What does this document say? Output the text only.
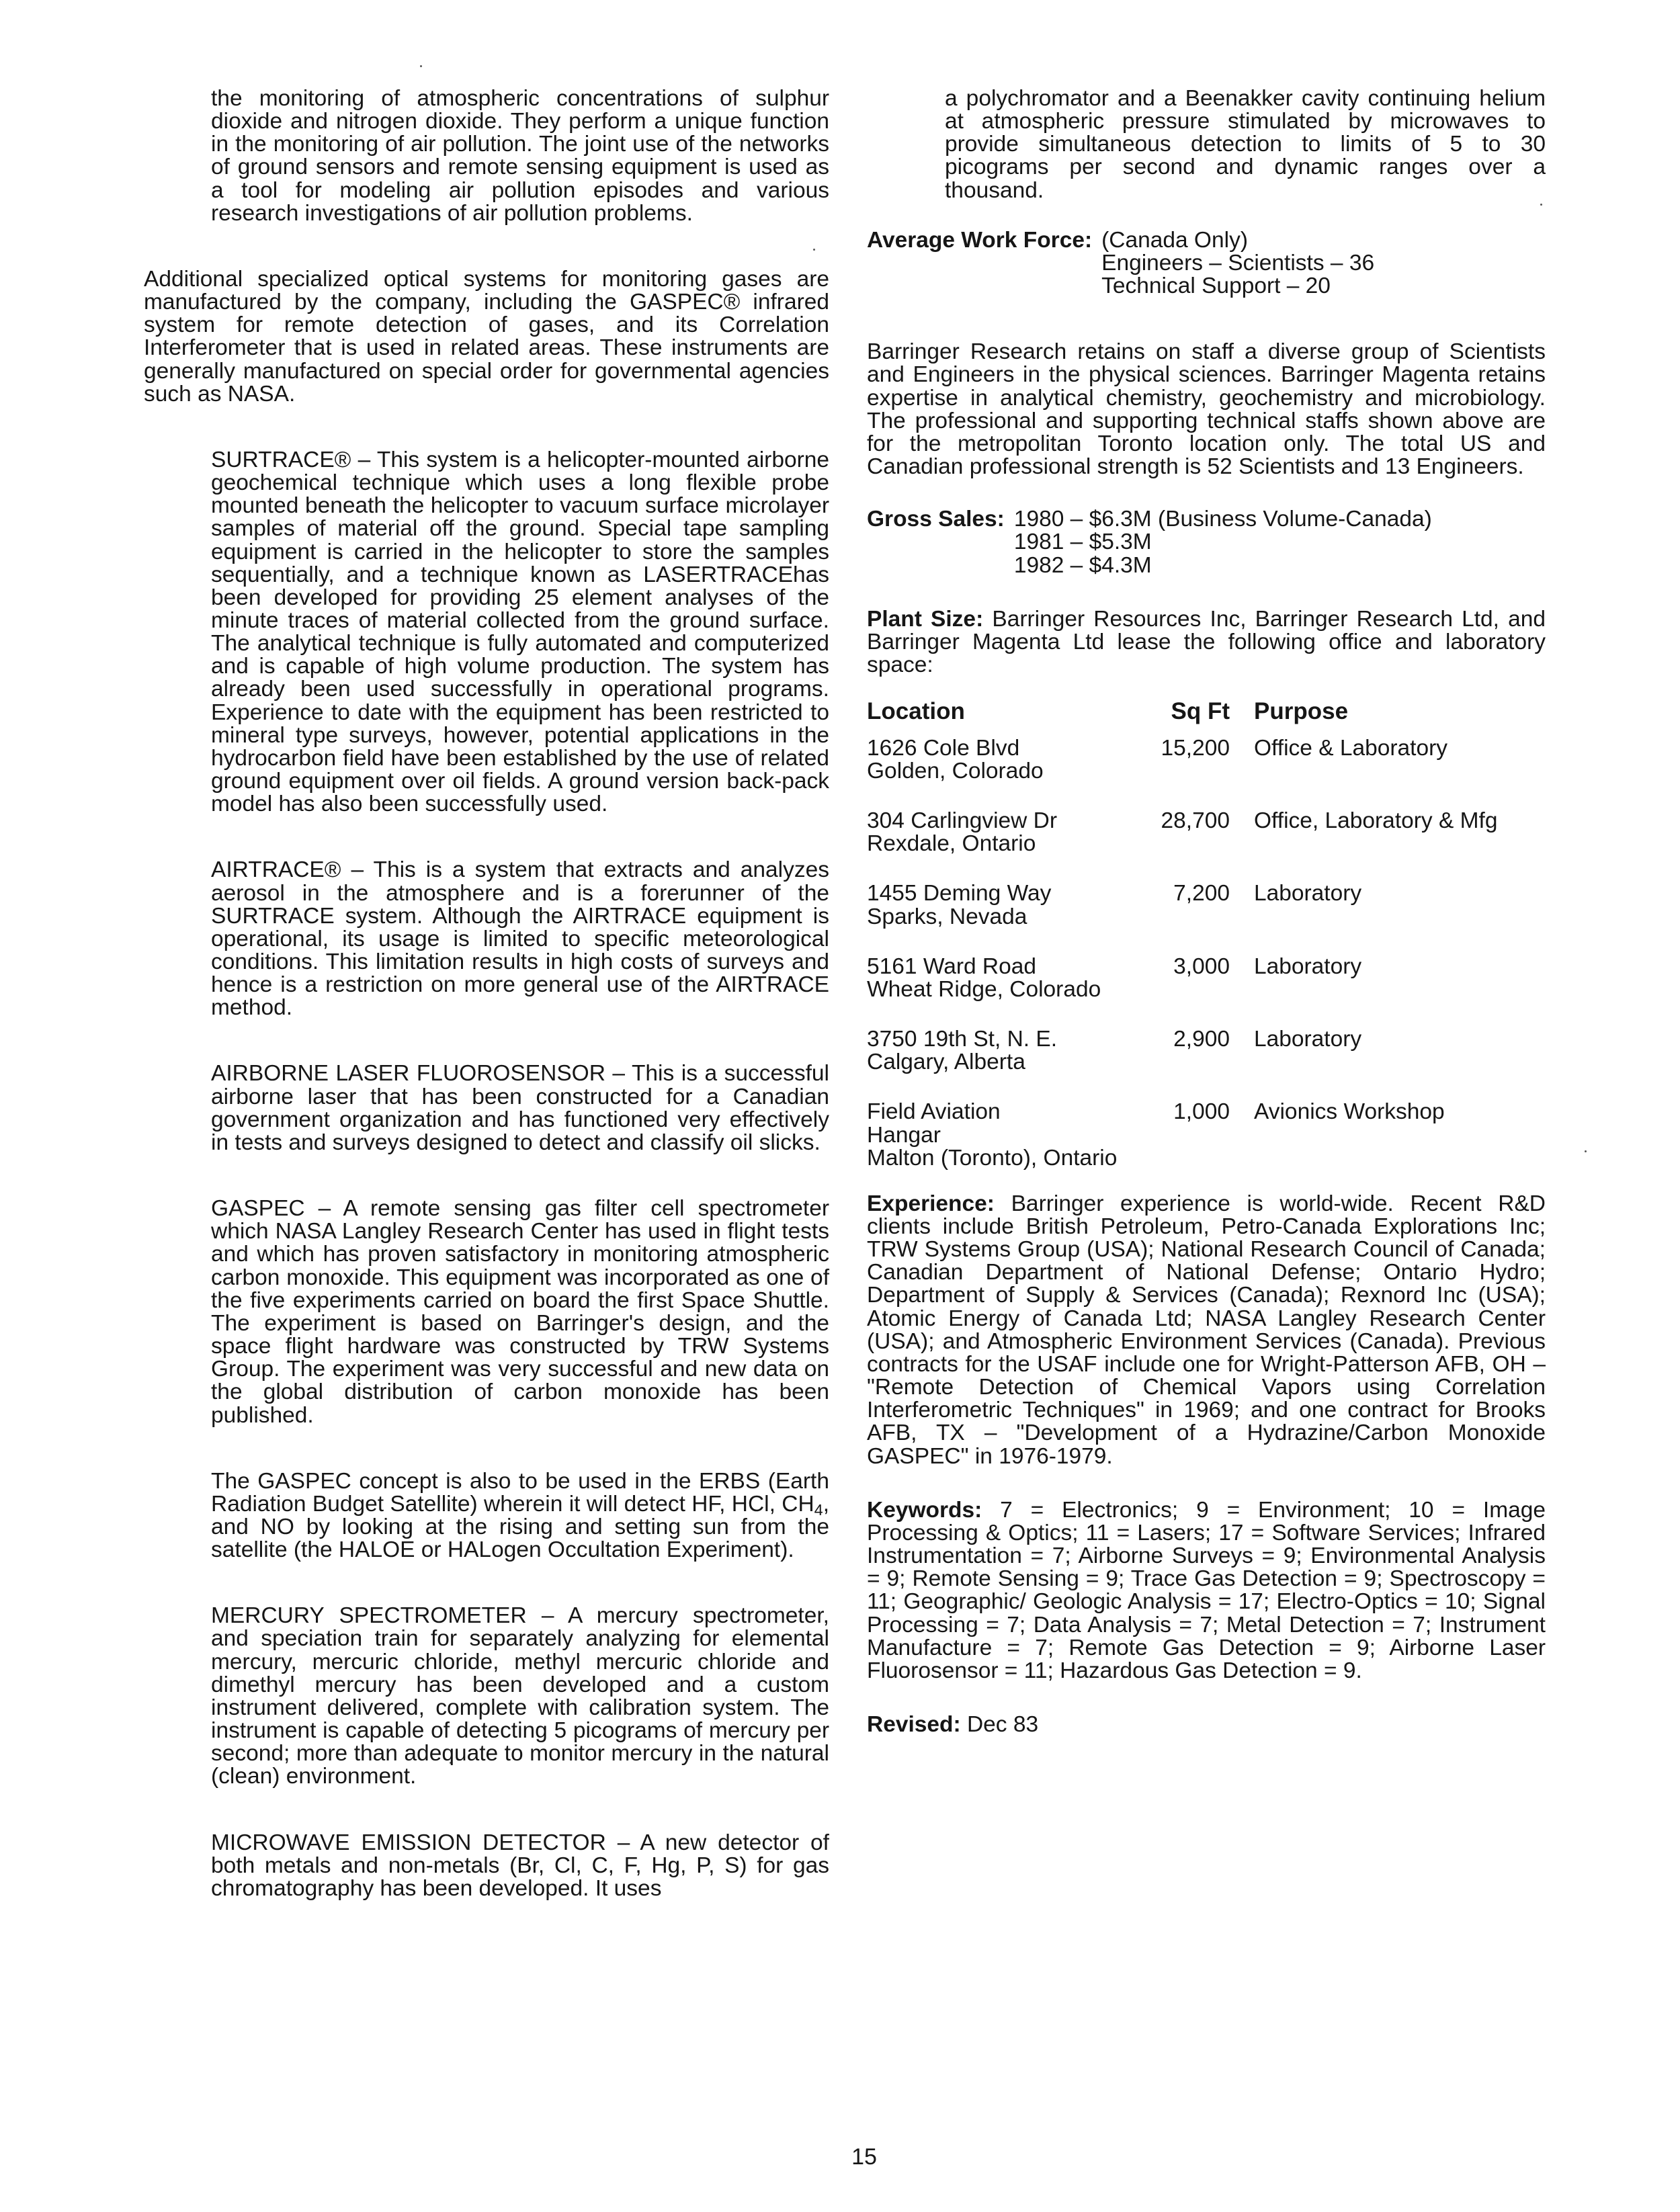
the monitoring of atmospheric concentrations of sulphur dioxide and nitrogen dioxide. They perform a unique function in the monitoring of air pollution. The joint use of the networks of ground sensors and remote sensing equipment is used as a tool for modeling air pollution episodes and various research investigations of air pollution problems.

Additional specialized optical systems for monitoring gases are manufactured by the company, including the GASPEC® infrared system for remote detection of gases, and its Correlation Interferometer that is used in related areas. These instruments are generally manufactured on special order for governmental agencies such as NASA.

SURTRACE® – This system is a helicopter-mounted airborne geochemical technique which uses a long flexible probe mounted beneath the helicopter to vacuum surface microlayer samples of material off the ground. Special tape sampling equipment is carried in the helicopter to store the samples sequentially, and a technique known as LASERTRACEhas been developed for providing 25 element analyses of the minute traces of material collected from the ground surface. The analytical technique is fully automated and computerized and is capable of high volume production. The system has already been used successfully in operational programs. Experience to date with the equipment has been restricted to mineral type surveys, however, potential applications in the hydrocarbon field have been established by the use of related ground equipment over oil fields. A ground version back-pack model has also been successfully used.

AIRTRACE® – This is a system that extracts and analyzes aerosol in the atmosphere and is a forerunner of the SURTRACE system. Although the AIRTRACE equipment is operational, its usage is limited to specific meteorological conditions. This limitation results in high costs of surveys and hence is a restriction on more general use of the AIRTRACE method.

AIRBORNE LASER FLUOROSENSOR – This is a successful airborne laser that has been constructed for a Canadian government organization and has functioned very effectively in tests and surveys designed to detect and classify oil slicks.

GASPEC – A remote sensing gas filter cell spectrometer which NASA Langley Research Center has used in flight tests and which has proven satisfactory in monitoring atmospheric carbon monoxide. This equipment was incorporated as one of the five experiments carried on board the first Space Shuttle. The experiment is based on Barringer's design, and the space flight hardware was constructed by TRW Systems Group. The experiment was very successful and new data on the global distribution of carbon monoxide has been published.

The GASPEC concept is also to be used in the ERBS (Earth Radiation Budget Satellite) wherein it will detect HF, HCl, $CH_4$, and NO by looking at the rising and setting sun from the satellite (the HALOE or HALogen Occultation Experiment).

MERCURY SPECTROMETER – A mercury spectrometer, and speciation train for separately analyzing for elemental mercury, mercuric chloride, methyl mercuric chloride and dimethyl mercury has been developed and a custom instrument delivered, complete with calibration system. The instrument is capable of detecting 5 picograms of mercury per second; more than adequate to monitor mercury in the natural (clean) environment.

MICROWAVE EMISSION DETECTOR – A new detector of both metals and non-metals (Br, Cl, C, F, Hg, P, S) for gas chromatography has been developed. It uses

a polychromator and a Beenakker cavity continuing helium at atmospheric pressure stimulated by microwaves to provide simultaneous detection to limits of 5 to 30 picograms per second and dynamic ranges over a thousand.

Average Work Force: (Canada Only)
Engineers – Scientists – 36
Technical Support – 20

Barringer Research retains on staff a diverse group of Scientists and Engineers in the physical sciences. Barringer Magenta retains expertise in analytical chemistry, geochemistry and microbiology. The professional and supporting technical staffs shown above are for the metropolitan Toronto location only. The total US and Canadian professional strength is 52 Scientists and 13 Engineers.

Gross Sales: 1980 – $6.3M (Business Volume-Canada)
1981 – $5.3M
1982 – $4.3M

Plant Size: Barringer Resources Inc, Barringer Research Ltd, and Barringer Magenta Ltd lease the following office and laboratory space:

Location	Sq Ft	Purpose

1626 Cole Blvd
Golden, Colorado	15,200	Office & Laboratory

304 Carlingview Dr
Rexdale, Ontario	28,700	Office, Laboratory & Mfg

1455 Deming Way
Sparks, Nevada	7,200	Laboratory

5161 Ward Road
Wheat Ridge, Colorado	3,000	Laboratory

3750 19th St, N. E.
Calgary, Alberta	2,900	Laboratory

Field Aviation
Hangar
Malton (Toronto), Ontario	1,000	Avionics Workshop

Experience: Barringer experience is world-wide. Recent R&D clients include British Petroleum, Petro-Canada Explorations Inc; TRW Systems Group (USA); National Research Council of Canada; Canadian Department of National Defense; Ontario Hydro; Department of Supply & Services (Canada); Rexnord Inc (USA); Atomic Energy of Canada Ltd; NASA Langley Research Center (USA); and Atmospheric Environment Services (Canada). Previous contracts for the USAF include one for Wright-Patterson AFB, OH – "Remote Detection of Chemical Vapors using Correlation Interferometric Techniques" in 1969; and one contract for Brooks AFB, TX – "Development of a Hydrazine/Carbon Monoxide GASPEC" in 1976-1979.

Keywords: 7 = Electronics; 9 = Environment; 10 = Image Processing & Optics; 11 = Lasers; 17 = Software Services; Infrared Instrumentation = 7; Airborne Surveys = 9; Environmental Analysis = 9; Remote Sensing = 9; Trace Gas Detection = 9; Spectroscopy = 11; Geographic/ Geologic Analysis = 17; Electro-Optics = 10; Signal Processing = 7; Data Analysis = 7; Metal Detection = 7; Instrument Manufacture = 7; Remote Gas Detection = 9; Airborne Laser Fluorosensor = 11; Hazardous Gas Detection = 9.

Revised: Dec 83

15
